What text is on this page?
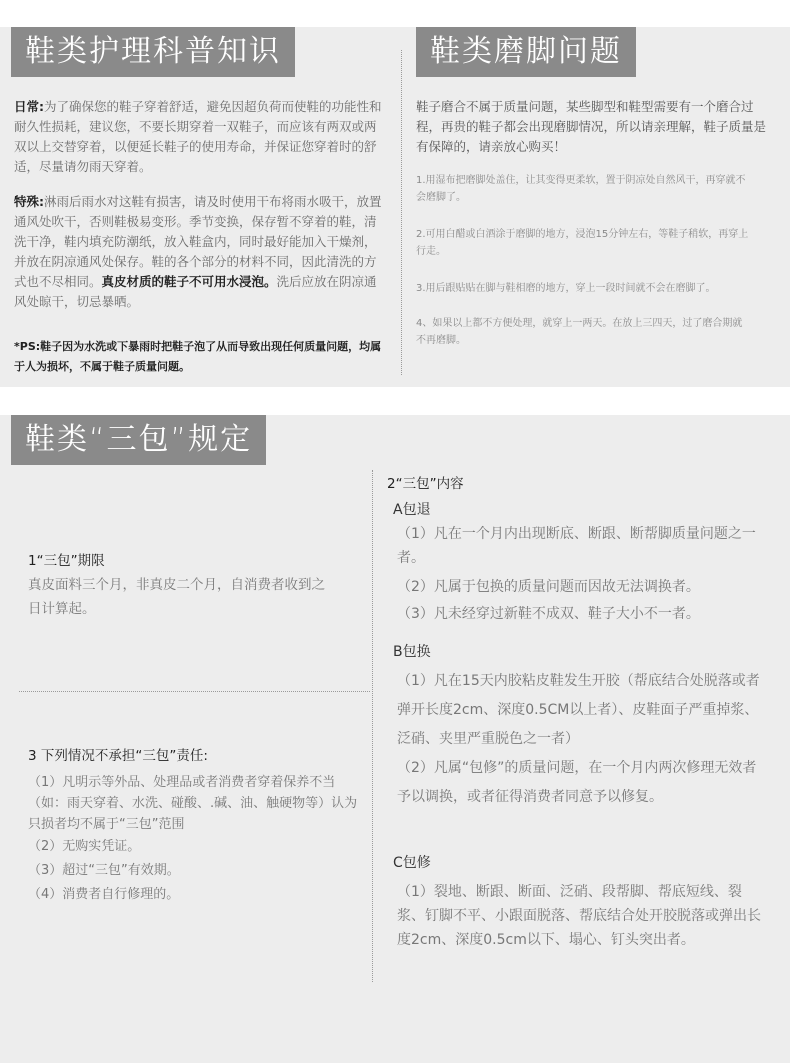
鞋类护理科普知识
日常:为了确保您的鞋子穿着舒适，避免因超负荷而使鞋的功能性和耐久性损耗，建议您，不要长期穿着一双鞋子，而应该有两双或两双以上交替穿着，以便延长鞋子的使用寿命，并保证您穿着时的舒适，尽量请勿雨天穿着。
特殊:淋雨后雨水对这鞋有损害，请及时使用干布将雨水吸干，放置通风处吹干，否则鞋极易变形。季节变换，保存暂不穿着的鞋，清洗干净，鞋内填充防潮纸，放入鞋盒内，同时最好能加入干燥剂，并放在阴凉通风处保存。鞋的各个部分的材料不同，因此清洗的方式也不尽相同。真皮材质的鞋子不可用水浸泡。洗后应放在阴凉通风处晾干，切忌暴晒。
*PS:鞋子因为水洗或下暴雨时把鞋子泡了从而导致出现任何质量问题，均属于人为损坏，不属于鞋子质量问题。
鞋类磨脚问题
鞋子磨合不属于质量问题，某些脚型和鞋型需要有一个磨合过程，再贵的鞋子都会出现磨脚情况，所以请亲理解，鞋子质量是有保障的，请亲放心购买！
1.用湿布把磨脚处盖住，让其变得更柔软，置于阴凉处自然风干，再穿就不会磨脚了。
2.可用白醋或白酒涂于磨脚的地方，浸泡15分钟左右，等鞋子稍软，再穿上行走。
3.用后跟贴贴在脚与鞋相磨的地方，穿上一段时间就不会在磨脚了。
4、如果以上都不方便处理，就穿上一两天。在放上三四天，过了磨合期就不再磨脚。
鞋类“三包”规定
1“三包”期限
真皮面料三个月，非真皮二个月，自消费者收到之日计算起。
3 下列情况不承担“三包”责任:
（1）凡明示等外品、处理品或者消费者穿着保养不当（如：雨天穿着、水洗、碰酸、.碱、油、触硬物等）认为只损者均不属于“三包”范围
（2）无购实凭证。
（3）超过“三包”有效期。
（4）消费者自行修理的。
2“三包”内容
A包退
（1）凡在一个月内出现断底、断跟、断帮脚质量问题之一者。
（2）凡属于包换的质量问题而因故无法调换者。
（3）凡未经穿过新鞋不成双、鞋子大小不一者。
B包换
（1）凡在15天内胶粘皮鞋发生开胶（帮底结合处脱落或者弹开长度2cm、深度0.5CM以上者）、皮鞋面子严重掉浆、泛硝、夹里严重脱色之一者）
（2）凡属“包修”的质量问题，在一个月内两次修理无效者予以调换，或者征得消费者同意予以修复。
C包修
（1）裂地、断跟、断面、泛硝、段帮脚、帮底短线、裂浆、钉脚不平、小跟面脱落、帮底结合处开胶脱落或弹出长度2cm、深度0.5cm以下、塌心、钉头突出者。
